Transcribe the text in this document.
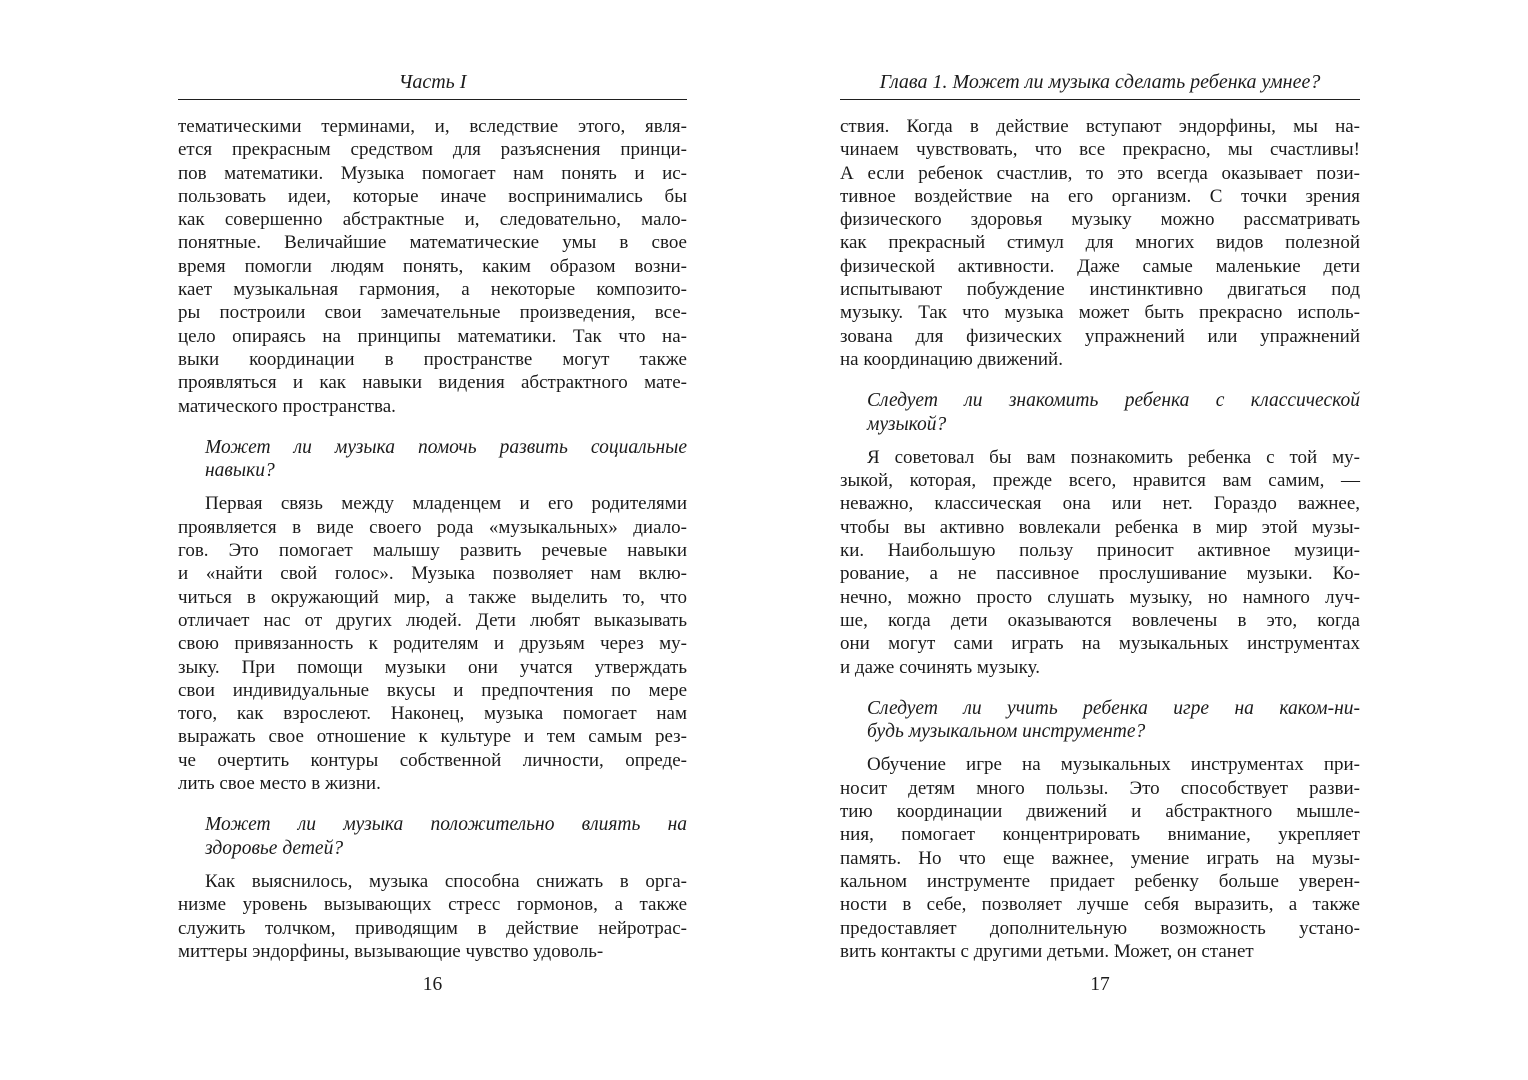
Часть I
тематическими терминами, и, вследствие этого, явля-
ется прекрасным средством для разъяснения принци-
пов математики. Музыка помогает нам понять и ис-
пользовать идеи, которые иначе воспринимались бы
как совершенно абстрактные и, следовательно, мало-
понятные. Величайшие математические умы в свое
время помогли людям понять, каким образом возни-
кает музыкальная гармония, а некоторые композито-
ры построили свои замечательные произведения, все-
цело опираясь на принципы математики. Так что на-
выки координации в пространстве могут также
проявляться и как навыки видения абстрактного мате-
матического пространства.
Может ли музыка помочь развить социальные
навыки?
Первая связь между младенцем и его родителями
проявляется в виде своего рода «музыкальных» диало-
гов. Это помогает малышу развить речевые навыки
и «найти свой голос». Музыка позволяет нам вклю-
читься в окружающий мир, а также выделить то, что
отличает нас от других людей. Дети любят выказывать
свою привязанность к родителям и друзьям через му-
зыку. При помощи музыки они учатся утверждать
свои индивидуальные вкусы и предпочтения по мере
того, как взрослеют. Наконец, музыка помогает нам
выражать свое отношение к культуре и тем самым рез-
че очертить контуры собственной личности, опреде-
лить свое место в жизни.
Может ли музыка положительно влиять на
здоровье детей?
Как выяснилось, музыка способна снижать в орга-
низме уровень вызывающих стресс гормонов, а также
служить толчком, приводящим в действие нейротрас-
миттеры эндорфины, вызывающие чувство удоволь-
16
Глава 1. Может ли музыка сделать ребенка умнее?
ствия. Когда в действие вступают эндорфины, мы на-
чинаем чувствовать, что все прекрасно, мы счастливы!
А если ребенок счастлив, то это всегда оказывает пози-
тивное воздействие на его организм. С точки зрения
физического здоровья музыку можно рассматривать
как прекрасный стимул для многих видов полезной
физической активности. Даже самые маленькие дети
испытывают побуждение инстинктивно двигаться под
музыку. Так что музыка может быть прекрасно исполь-
зована для физических упражнений или упражнений
на координацию движений.
Следует ли знакомить ребенка с классической
музыкой?
Я советовал бы вам познакомить ребенка с той му-
зыкой, которая, прежде всего, нравится вам самим, —
неважно, классическая она или нет. Гораздо важнее,
чтобы вы активно вовлекали ребенка в мир этой музы-
ки. Наибольшую пользу приносит активное музици-
рование, а не пассивное прослушивание музыки. Ко-
нечно, можно просто слушать музыку, но намного луч-
ше, когда дети оказываются вовлечены в это, когда
они могут сами играть на музыкальных инструментах
и даже сочинять музыку.
Следует ли учить ребенка игре на каком-ни-
будь музыкальном инструменте?
Обучение игре на музыкальных инструментах при-
носит детям много пользы. Это способствует разви-
тию координации движений и абстрактного мышле-
ния, помогает концентрировать внимание, укрепляет
память. Но что еще важнее, умение играть на музы-
кальном инструменте придает ребенку больше уверен-
ности в себе, позволяет лучше себя выразить, а также
предоставляет дополнительную возможность устано-
вить контакты с другими детьми. Может, он станет
17
